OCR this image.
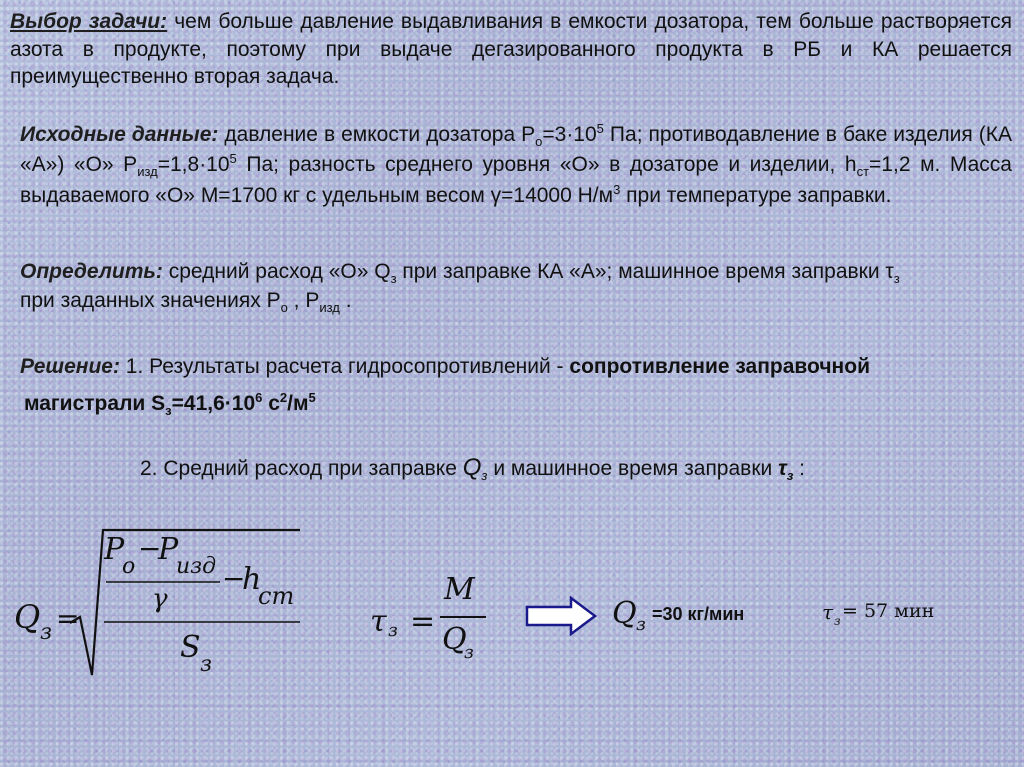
Выбор задачи: чем больше давление выдавливания в емкости дозатора, тем больше растворяется азота в продукте, поэтому при выдаче дегазированного продукта в РБ и КА решается преимущественно вторая задача.

Исходные данные: давление в емкости дозатора $P_о=3\cdot 10^5$ Па; противодавление в баке изделия (КА «А») «О» $P_{изд}=1,8\cdot 10^5$ Па; разность среднего уровня «О» в дозаторе и изделии, $h_{ст}=1,2$ м. Масса выдаваемого «О» M=1700 кг с удельным весом γ=14000 $Н/м^3$ при температуре заправки.

Определить: средний расход «О» $Q_з$ при заправке КА «А»; машинное время заправки $\tau_з$
при заданных значениях $P_о$ , $P_{изд}$ .

Решение: 1. Результаты расчета гидросопротивлений - сопротивление заправочной

магистрали $S_з=41,6\cdot 10^6$ $с^2/м^5$

2. Средний расход при заправке $Q_з$ и машинное время заправки $\tau_з$ :

Q з =
P
o
−
P
изд −
h
ст
γ
S з
τ з =
M
Q
з
Q з =30 кг/мин	τ з = 57 мин
